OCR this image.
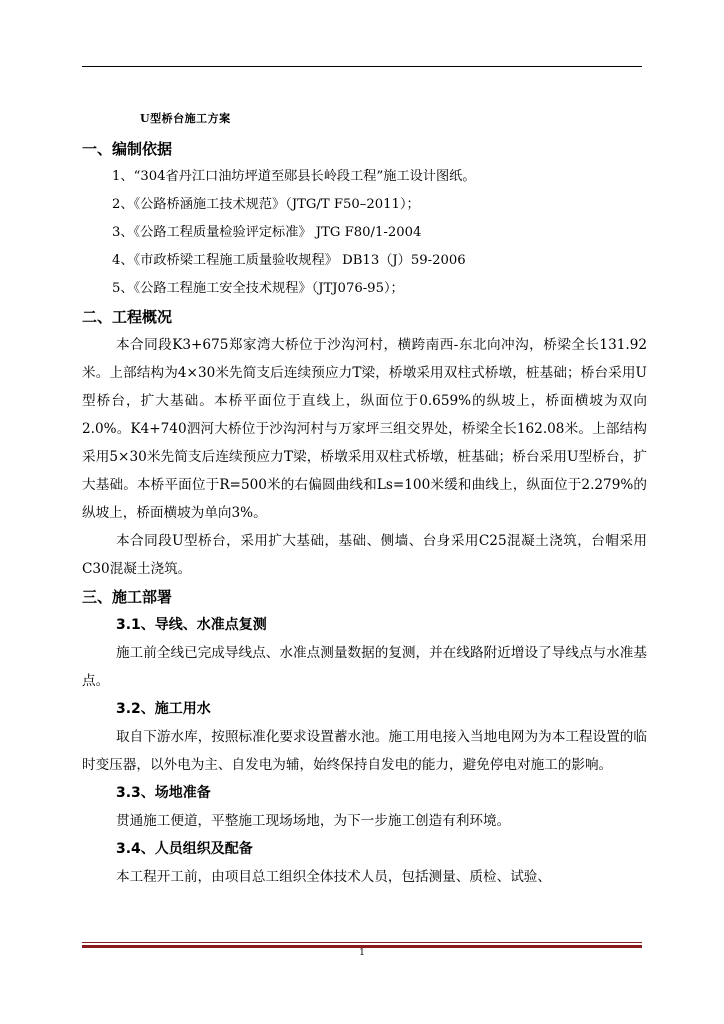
U型桥台施工方案
一、编制依据
1、“304省丹江口油坊坪道至郧县长岭段工程”施工设计图纸。
2、《公路桥涵施工技术规范》（JTG/T F50–2011）；
3、《公路工程质量检验评定标准》 JTG F80/1-2004
4、《市政桥梁工程施工质量验收规程》 DB13（J）59-2006
5、《公路工程施工安全技术规程》（JTJ076-95）；
二、工程概况

本合同段K3+675郑家湾大桥位于沙沟河村，横跨南西-东北向冲沟，桥梁全长131.92米。上部结构为4×30米先简支后连续预应力T梁，桥墩采用双柱式桥墩，桩基础；桥台采用U型桥台，扩大基础。本桥平面位于直线上，纵面位于0.659%的纵坡上，桥面横坡为双向2.0%。K4+740泗河大桥位于沙沟河村与万家坪三组交界处，桥梁全长162.08米。上部结构采用5×30米先简支后连续预应力T梁，桥墩采用双柱式桥墩，桩基础；桥台采用U型桥台，扩大基础。本桥平面位于R=500米的右偏圆曲线和Ls=100米缓和曲线上，纵面位于2.279%的纵坡上，桥面横坡为单向3%。

本合同段U型桥台，采用扩大基础，基础、侧墙、台身采用C25混凝土浇筑，台帽采用C30混凝土浇筑。

三、施工部署
3.1、导线、水准点复测

施工前全线已完成导线点、水准点测量数据的复测，并在线路附近增设了导线点与水准基点。

3.2、施工用水

取自下游水库，按照标准化要求设置蓄水池。施工用电接入当地电网为为本工程设置的临时变压器，以外电为主、自发电为辅，始终保持自发电的能力，避免停电对施工的影响。

3.3、场地准备

贯通施工便道，平整施工现场场地，为下一步施工创造有利环境。

3.4、人员组织及配备

本工程开工前，由项目总工组织全体技术人员，包括测量、质检、试验、

1
